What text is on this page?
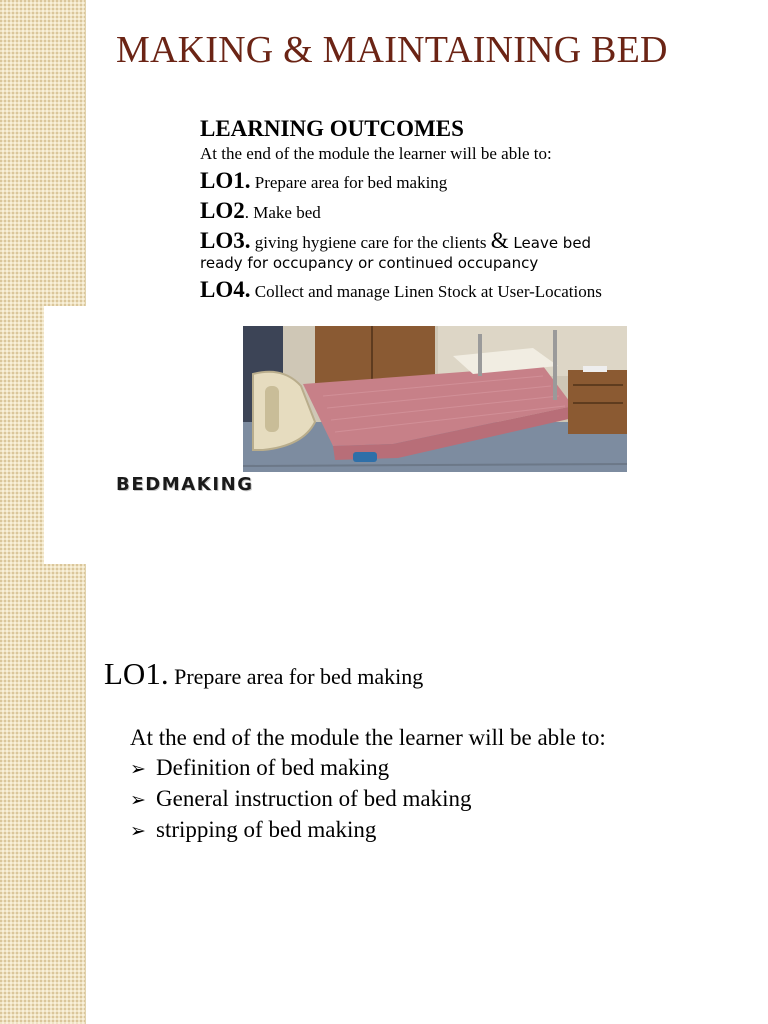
MAKING & MAINTAINING BED
LEARNING OUTCOMES
At the end of the module the learner will be able to:
LO1. Prepare area for bed making
LO2. Make bed
LO3. giving hygiene care for the clients & Leave bed
ready for occupancy or continued occupancy
LO4. Collect and manage Linen Stock at User-Locations
BEDMAKING
LO1. Prepare area for bed making
At the end of the module the learner will be able to:
➢ Definition of bed making
➢ General instruction of bed making
➢ stripping of bed making
